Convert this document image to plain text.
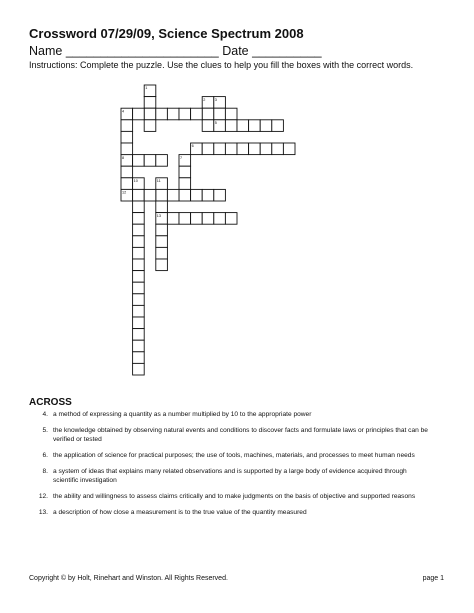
Crossword 07/29/09, Science Spectrum 2008
Name ______________________ Date __________
Instructions: Complete the puzzle. Use the clues to help you fill the boxes with the correct words.
1
2 3
5
4
6
7
8
12
10	11
13
ACROSS
4. a method of expressing a quantity as a number multiplied by 10 to the appropriate power
5. the knowledge obtained by observing natural events and conditions to discover facts and formulate laws or principles that can be verified or tested
6. the application of science for practical purposes; the use of tools, machines, materials, and processes to meet human needs
8. a system of ideas that explains many related observations and is supported by a large body of evidence acquired through scientific investigation
12. the ability and willingness to assess claims critically and to make judgments on the basis of objective and supported reasons
13. a description of how close a measurement is to the true value of the quantity measured
Copyright © by Holt, Rinehart and Winston. All Rights Reserved.	page 1
